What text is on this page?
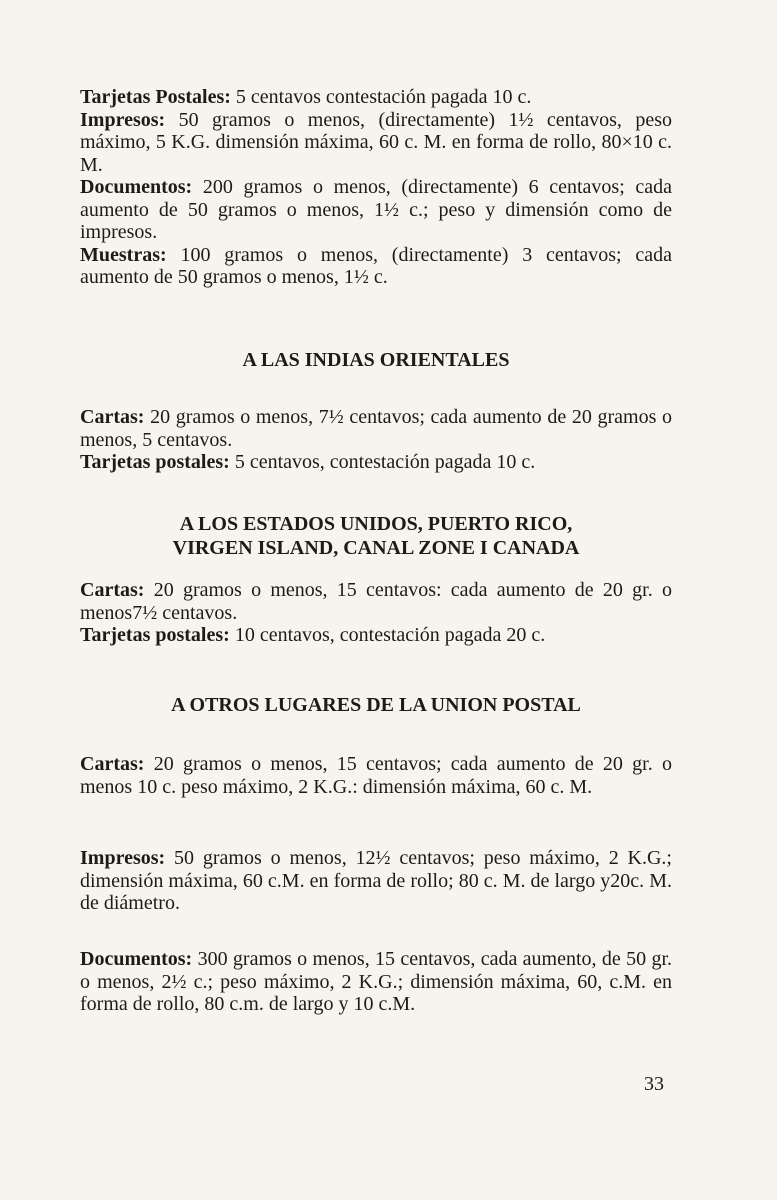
Tarjetas Postales: 5 centavos contestación pagada 10 c.

Impresos: 50 gramos o menos, (directamente) 1½ centavos, peso máximo, 5 K.G. dimensión máxima, 60 c. M. en forma de rollo, 80×10 c. M.

Documentos: 200 gramos o menos, (directamente) 6 centavos; cada aumento de 50 gramos o menos, 1½ c.; peso y dimensión como de impresos.

Muestras: 100 gramos o menos, (directamente) 3 centavos; cada aumento de 50 gramos o menos, 1½ c.

A LAS INDIAS ORIENTALES

Cartas: 20 gramos o menos, 7½ centavos; cada aumento de 20 gramos o menos, 5 centavos.

Tarjetas postales: 5 centavos, contestación pagada 10 c.

A LOS ESTADOS UNIDOS, PUERTO RICO,
VIRGEN ISLAND, CANAL ZONE I CANADA

Cartas: 20 gramos o menos, 15 centavos: cada aumento de 20 gr. o menos7½ centavos.

Tarjetas postales: 10 centavos, contestación pagada 20 c.

A OTROS LUGARES DE LA UNION POSTAL

Cartas: 20 gramos o menos, 15 centavos; cada aumento de 20 gr. o menos 10 c. peso máximo, 2 K.G.: dimensión máxima, 60 c. M.

Impresos: 50 gramos o menos, 12½ centavos; peso máximo, 2 K.G.; dimensión máxima, 60 c.M. en forma de rollo; 80 c. M. de largo y20c. M. de diámetro.

Documentos: 300 gramos o menos, 15 centavos, cada aumento, de 50 gr. o menos, 2½ c.; peso máximo, 2 K.G.; dimensión máxima, 60, c.M. en forma de rollo, 80 c.m. de largo y 10 c.M.

33
